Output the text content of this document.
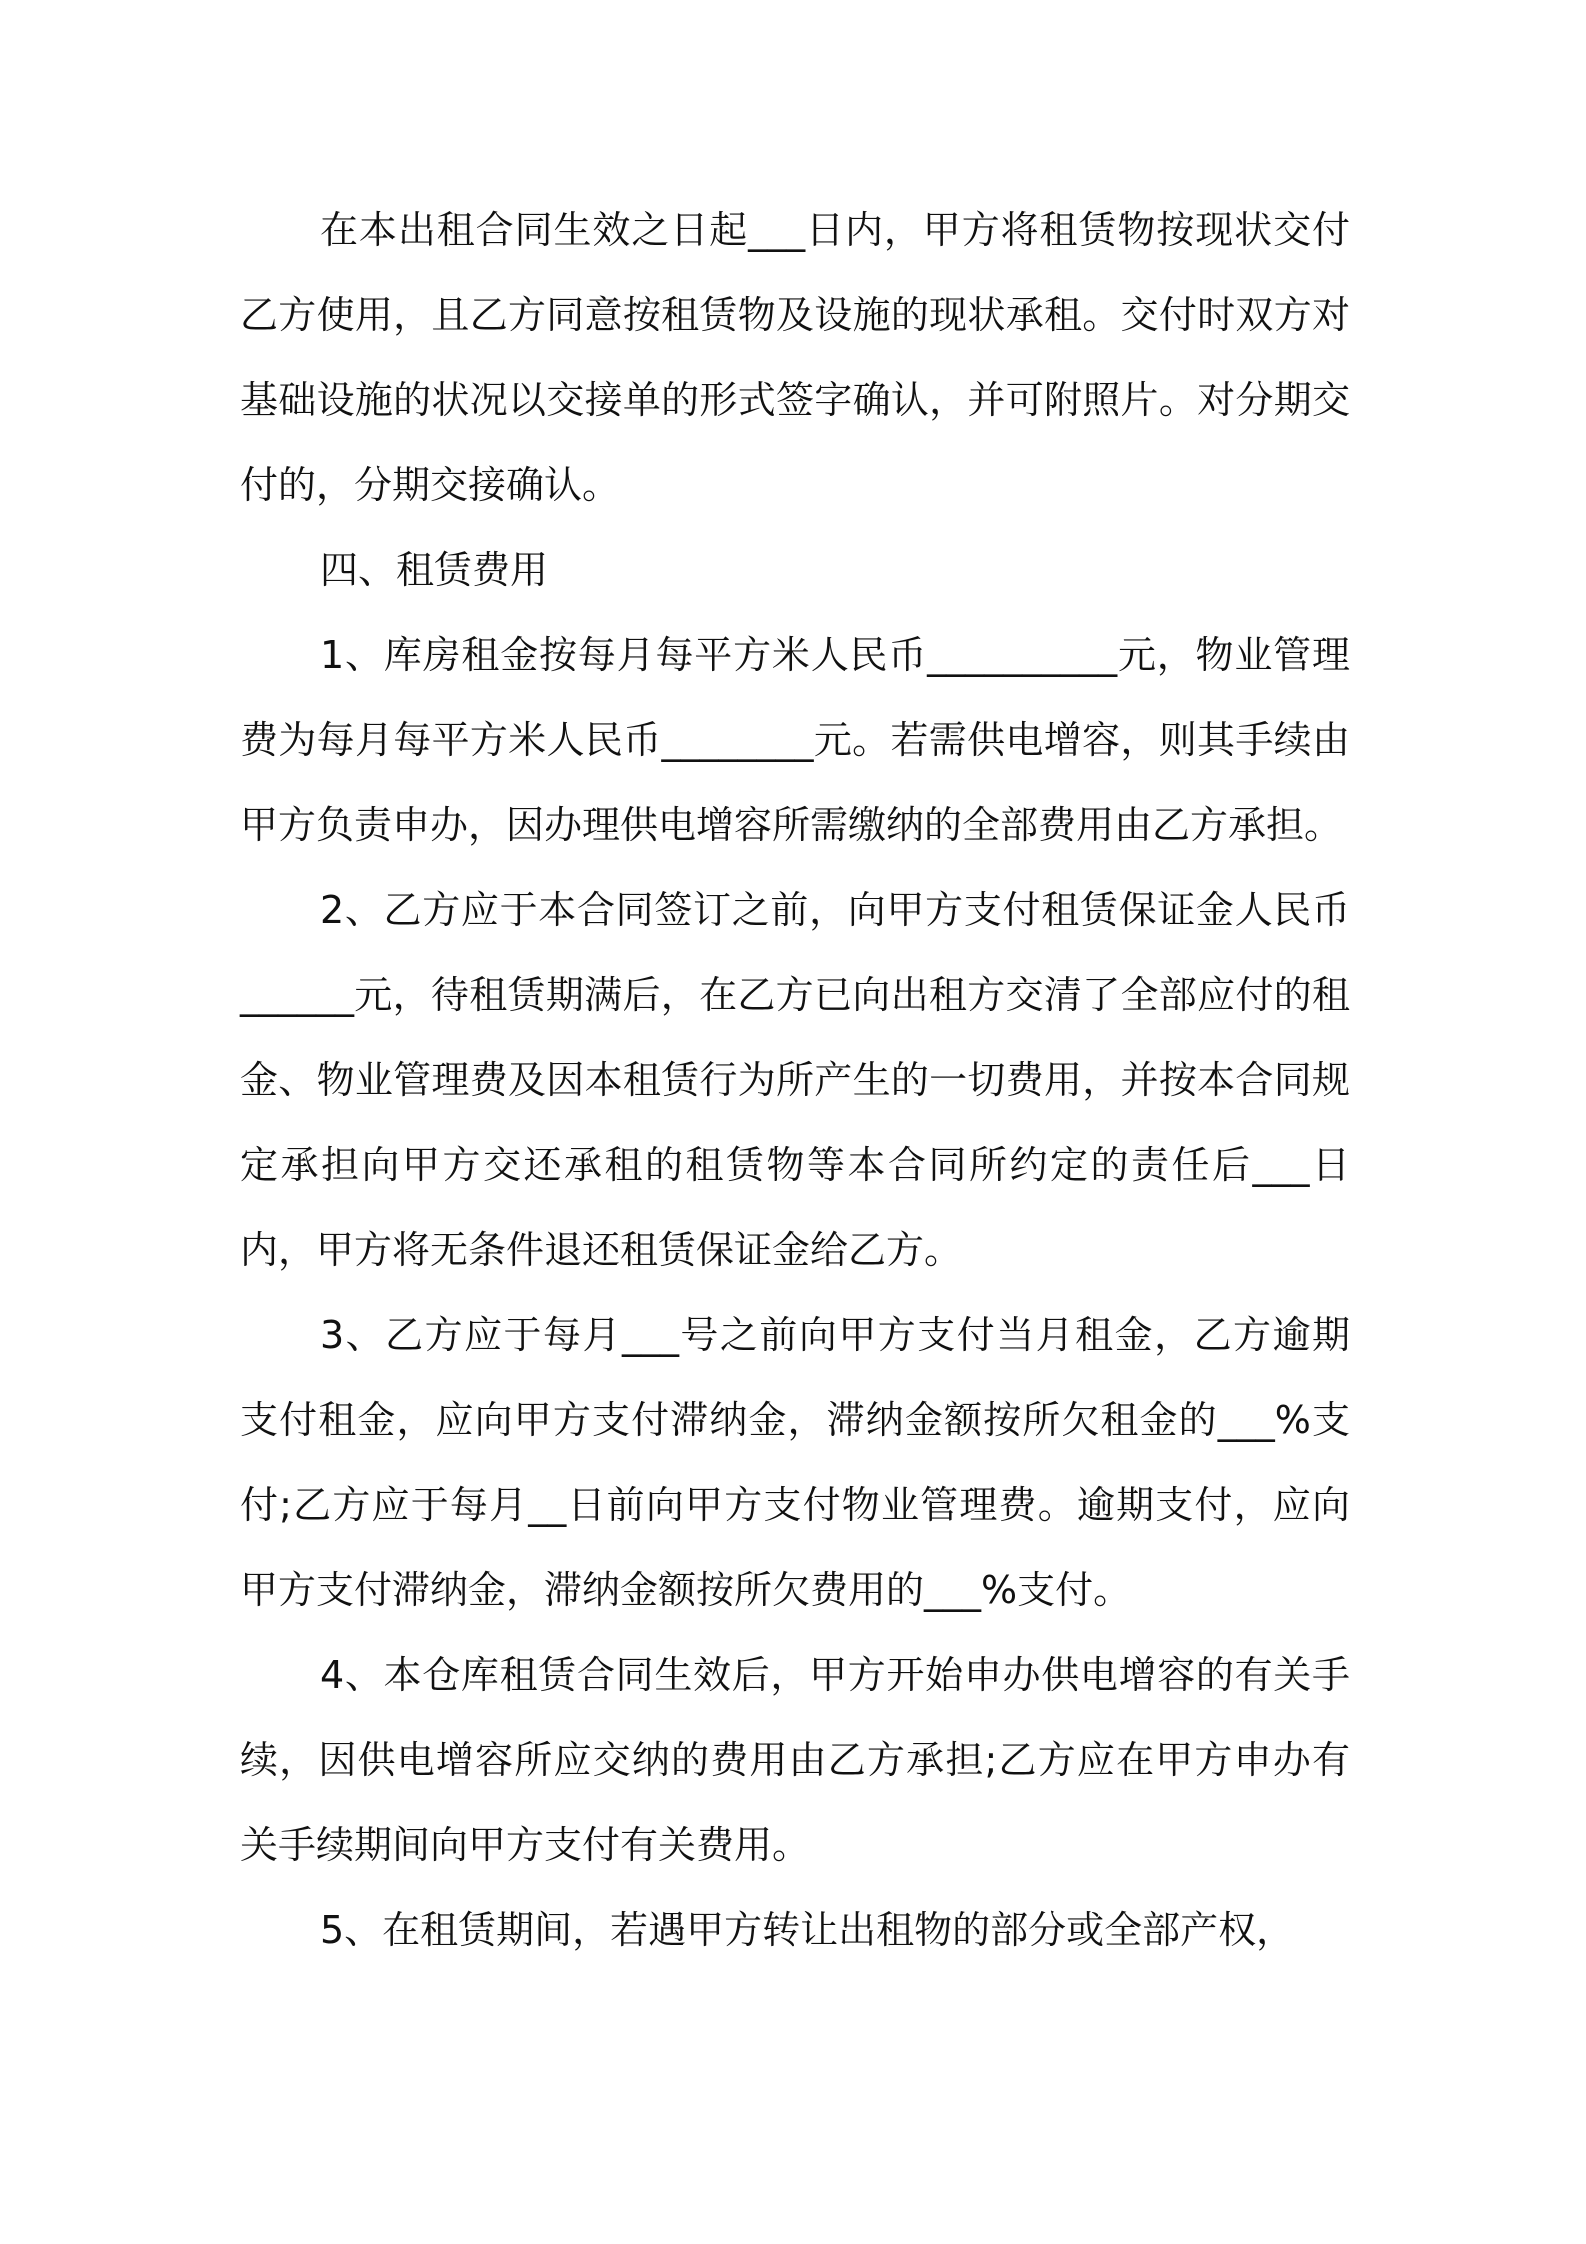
在本出租合同生效之日起___日内，甲方将租赁物按现状交付乙方使用，且乙方同意按租赁物及设施的现状承租。交付时双方对基础设施的状况以交接单的形式签字确认，并可附照片。对分期交付的，分期交接确认。

四、租赁费用

1、库房租金按每月每平方米人民币__________元，物业管理费为每月每平方米人民币________元。若需供电增容，则其手续由甲方负责申办，因办理供电增容所需缴纳的全部费用由乙方承担。

2、乙方应于本合同签订之前，向甲方支付租赁保证金人民币______元，待租赁期满后，在乙方已向出租方交清了全部应付的租金、物业管理费及因本租赁行为所产生的一切费用，并按本合同规定承担向甲方交还承租的租赁物等本合同所约定的责任后___日内，甲方将无条件退还租赁保证金给乙方。

3、乙方应于每月___号之前向甲方支付当月租金，乙方逾期支付租金，应向甲方支付滞纳金，滞纳金额按所欠租金的___%支付;乙方应于每月__日前向甲方支付物业管理费。逾期支付，应向甲方支付滞纳金，滞纳金额按所欠费用的___%支付。

4、本仓库租赁合同生效后，甲方开始申办供电增容的有关手续，因供电增容所应交纳的费用由乙方承担;乙方应在甲方申办有关手续期间向甲方支付有关费用。

5、在租赁期间，若遇甲方转让出租物的部分或全部产权，
